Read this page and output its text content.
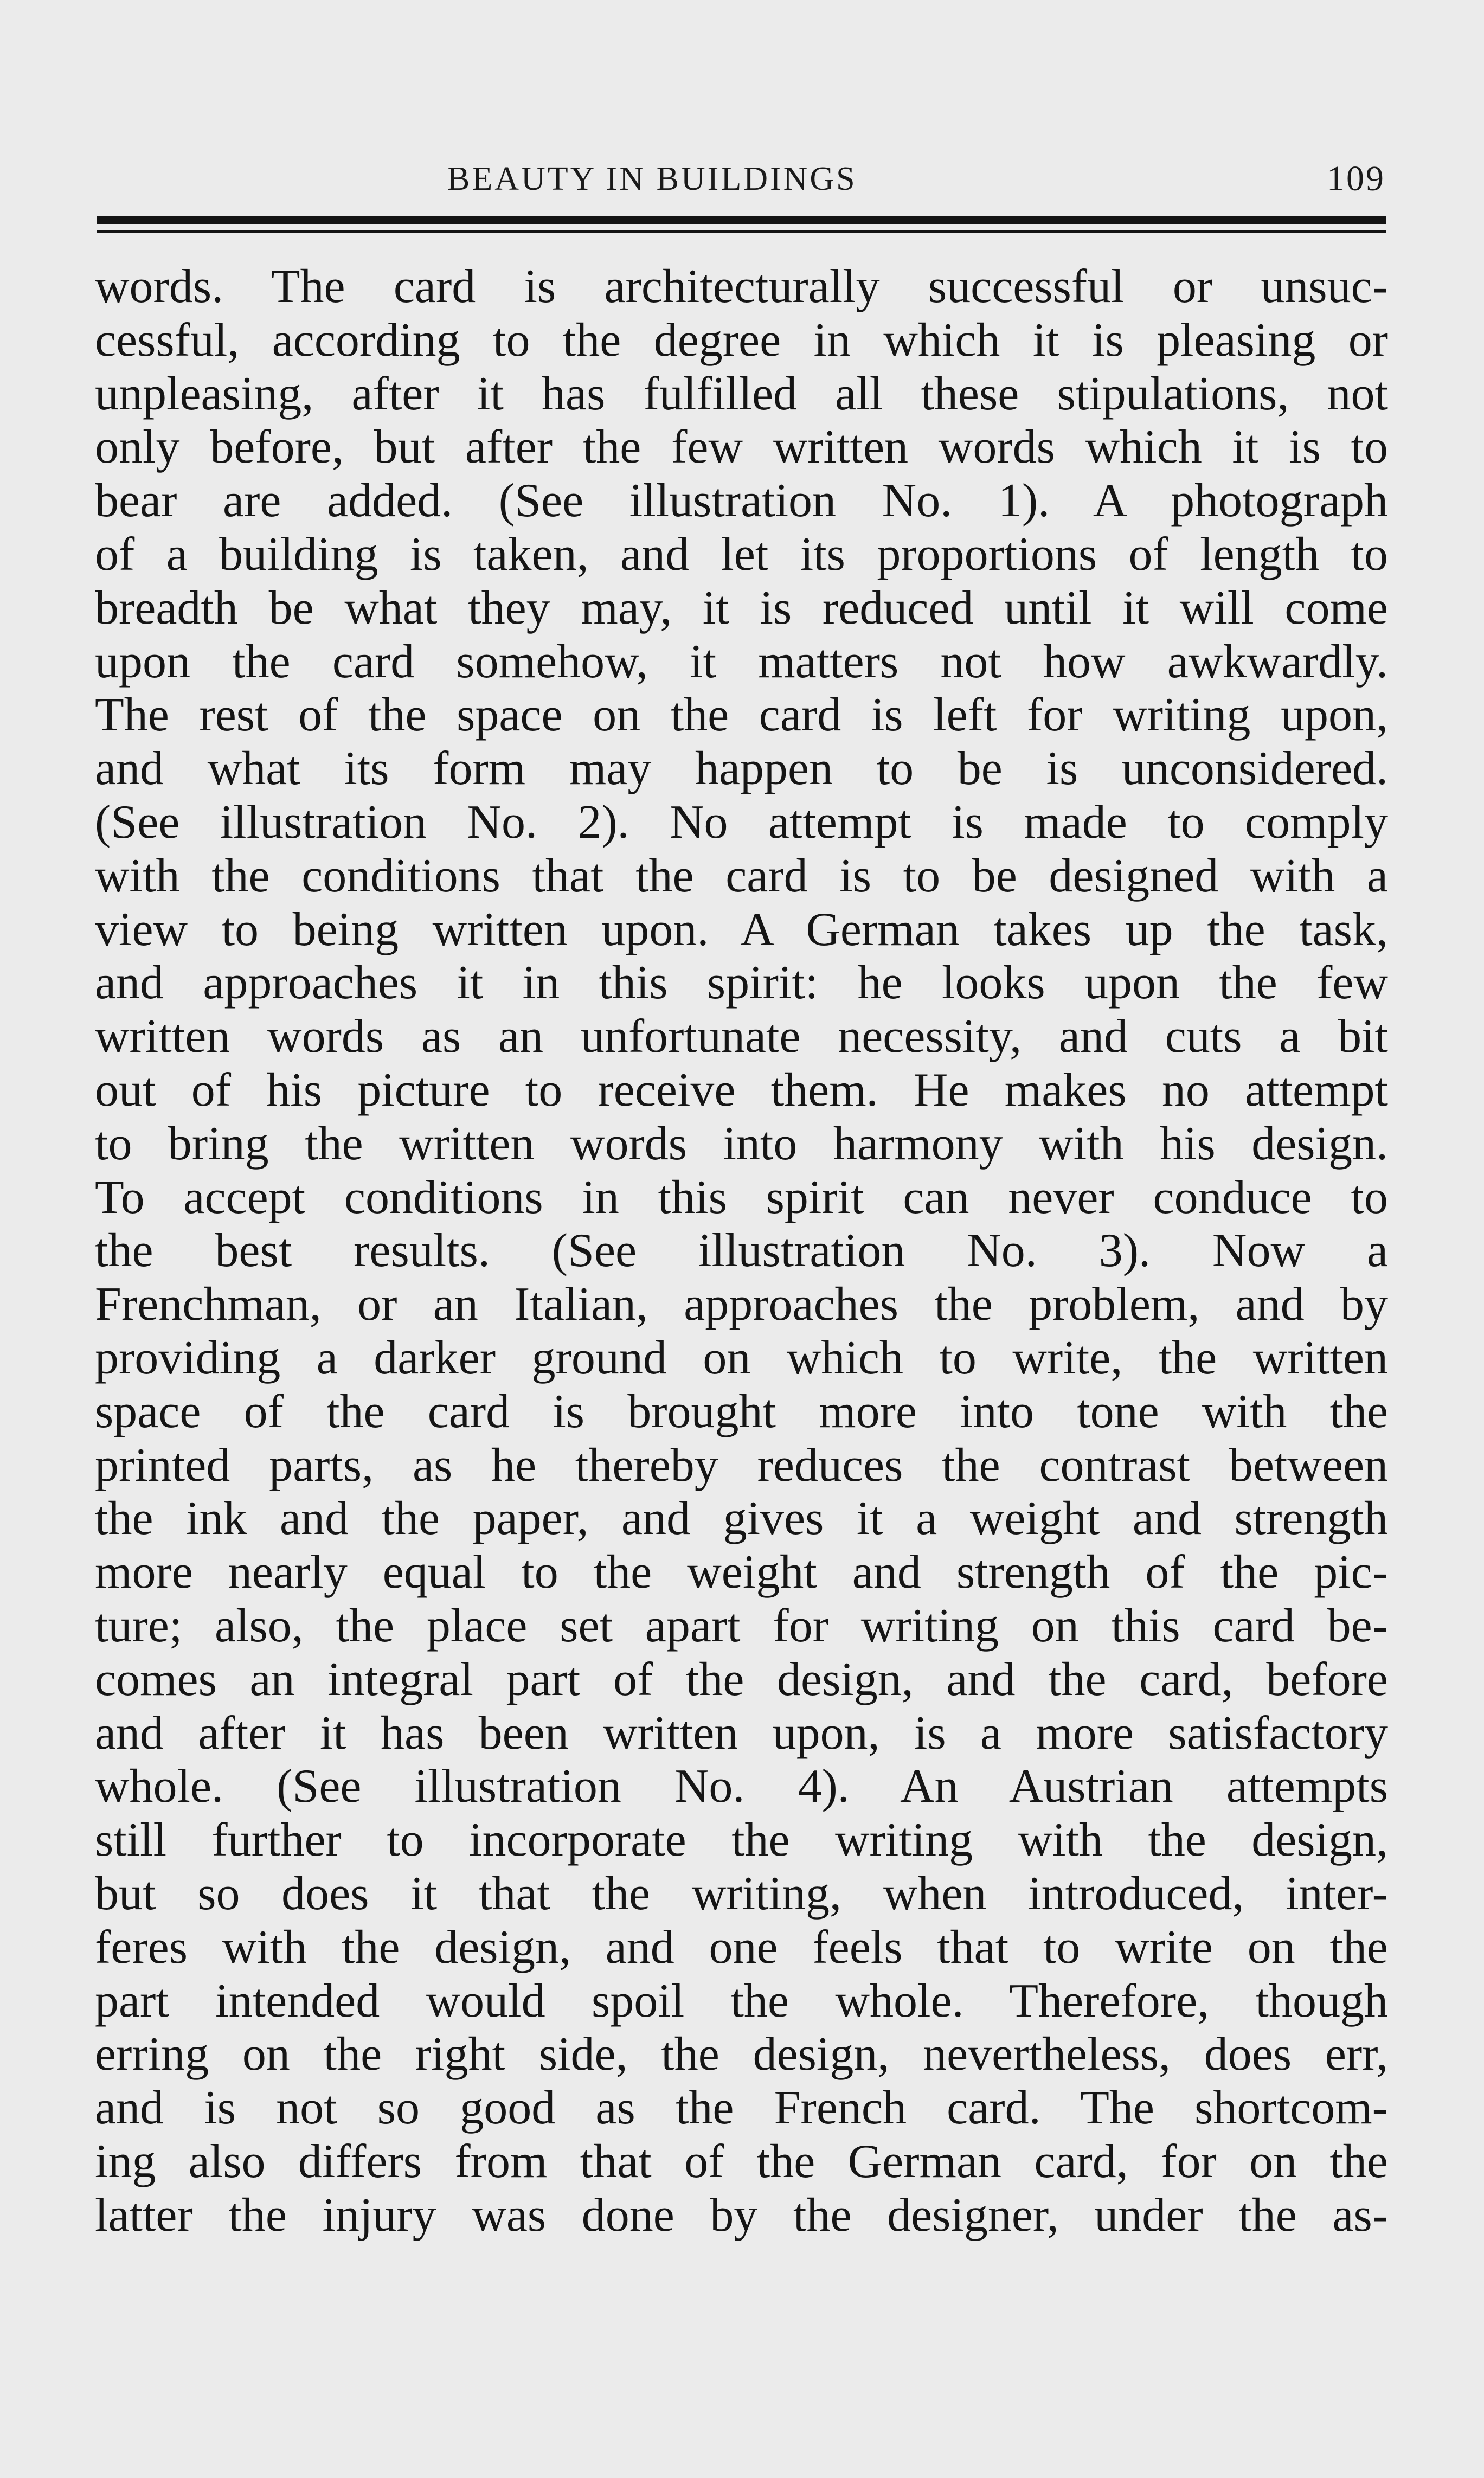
BEAUTY IN BUILDINGS	109
words. The card is architecturally successful or unsuc-
cessful, according to the degree in which it is pleasing or
unpleasing, after it has fulfilled all these stipulations, not
only before, but after the few written words which it is to
bear are added. (See illustration No. 1). A photograph
of a building is taken, and let its proportions of length to
breadth be what they may, it is reduced until it will come
upon the card somehow, it matters not how awkwardly.
The rest of the space on the card is left for writing upon,
and what its form may happen to be is unconsidered.
(See illustration No. 2). No attempt is made to comply
with the conditions that the card is to be designed with a
view to being written upon. A German takes up the task,
and approaches it in this spirit: he looks upon the few
written words as an unfortunate necessity, and cuts a bit
out of his picture to receive them. He makes no attempt
to bring the written words into harmony with his design.
To accept conditions in this spirit can never conduce to
the best results. (See illustration No. 3). Now a
Frenchman, or an Italian, approaches the problem, and by
providing a darker ground on which to write, the written
space of the card is brought more into tone with the
printed parts, as he thereby reduces the contrast between
the ink and the paper, and gives it a weight and strength
more nearly equal to the weight and strength of the pic-
ture; also, the place set apart for writing on this card be-
comes an integral part of the design, and the card, before
and after it has been written upon, is a more satisfactory
whole. (See illustration No. 4). An Austrian attempts
still further to incorporate the writing with the design,
but so does it that the writing, when introduced, inter-
feres with the design, and one feels that to write on the
part intended would spoil the whole. Therefore, though
erring on the right side, the design, nevertheless, does err,
and is not so good as the French card. The shortcom-
ing also differs from that of the German card, for on the
latter the injury was done by the designer, under the as-
